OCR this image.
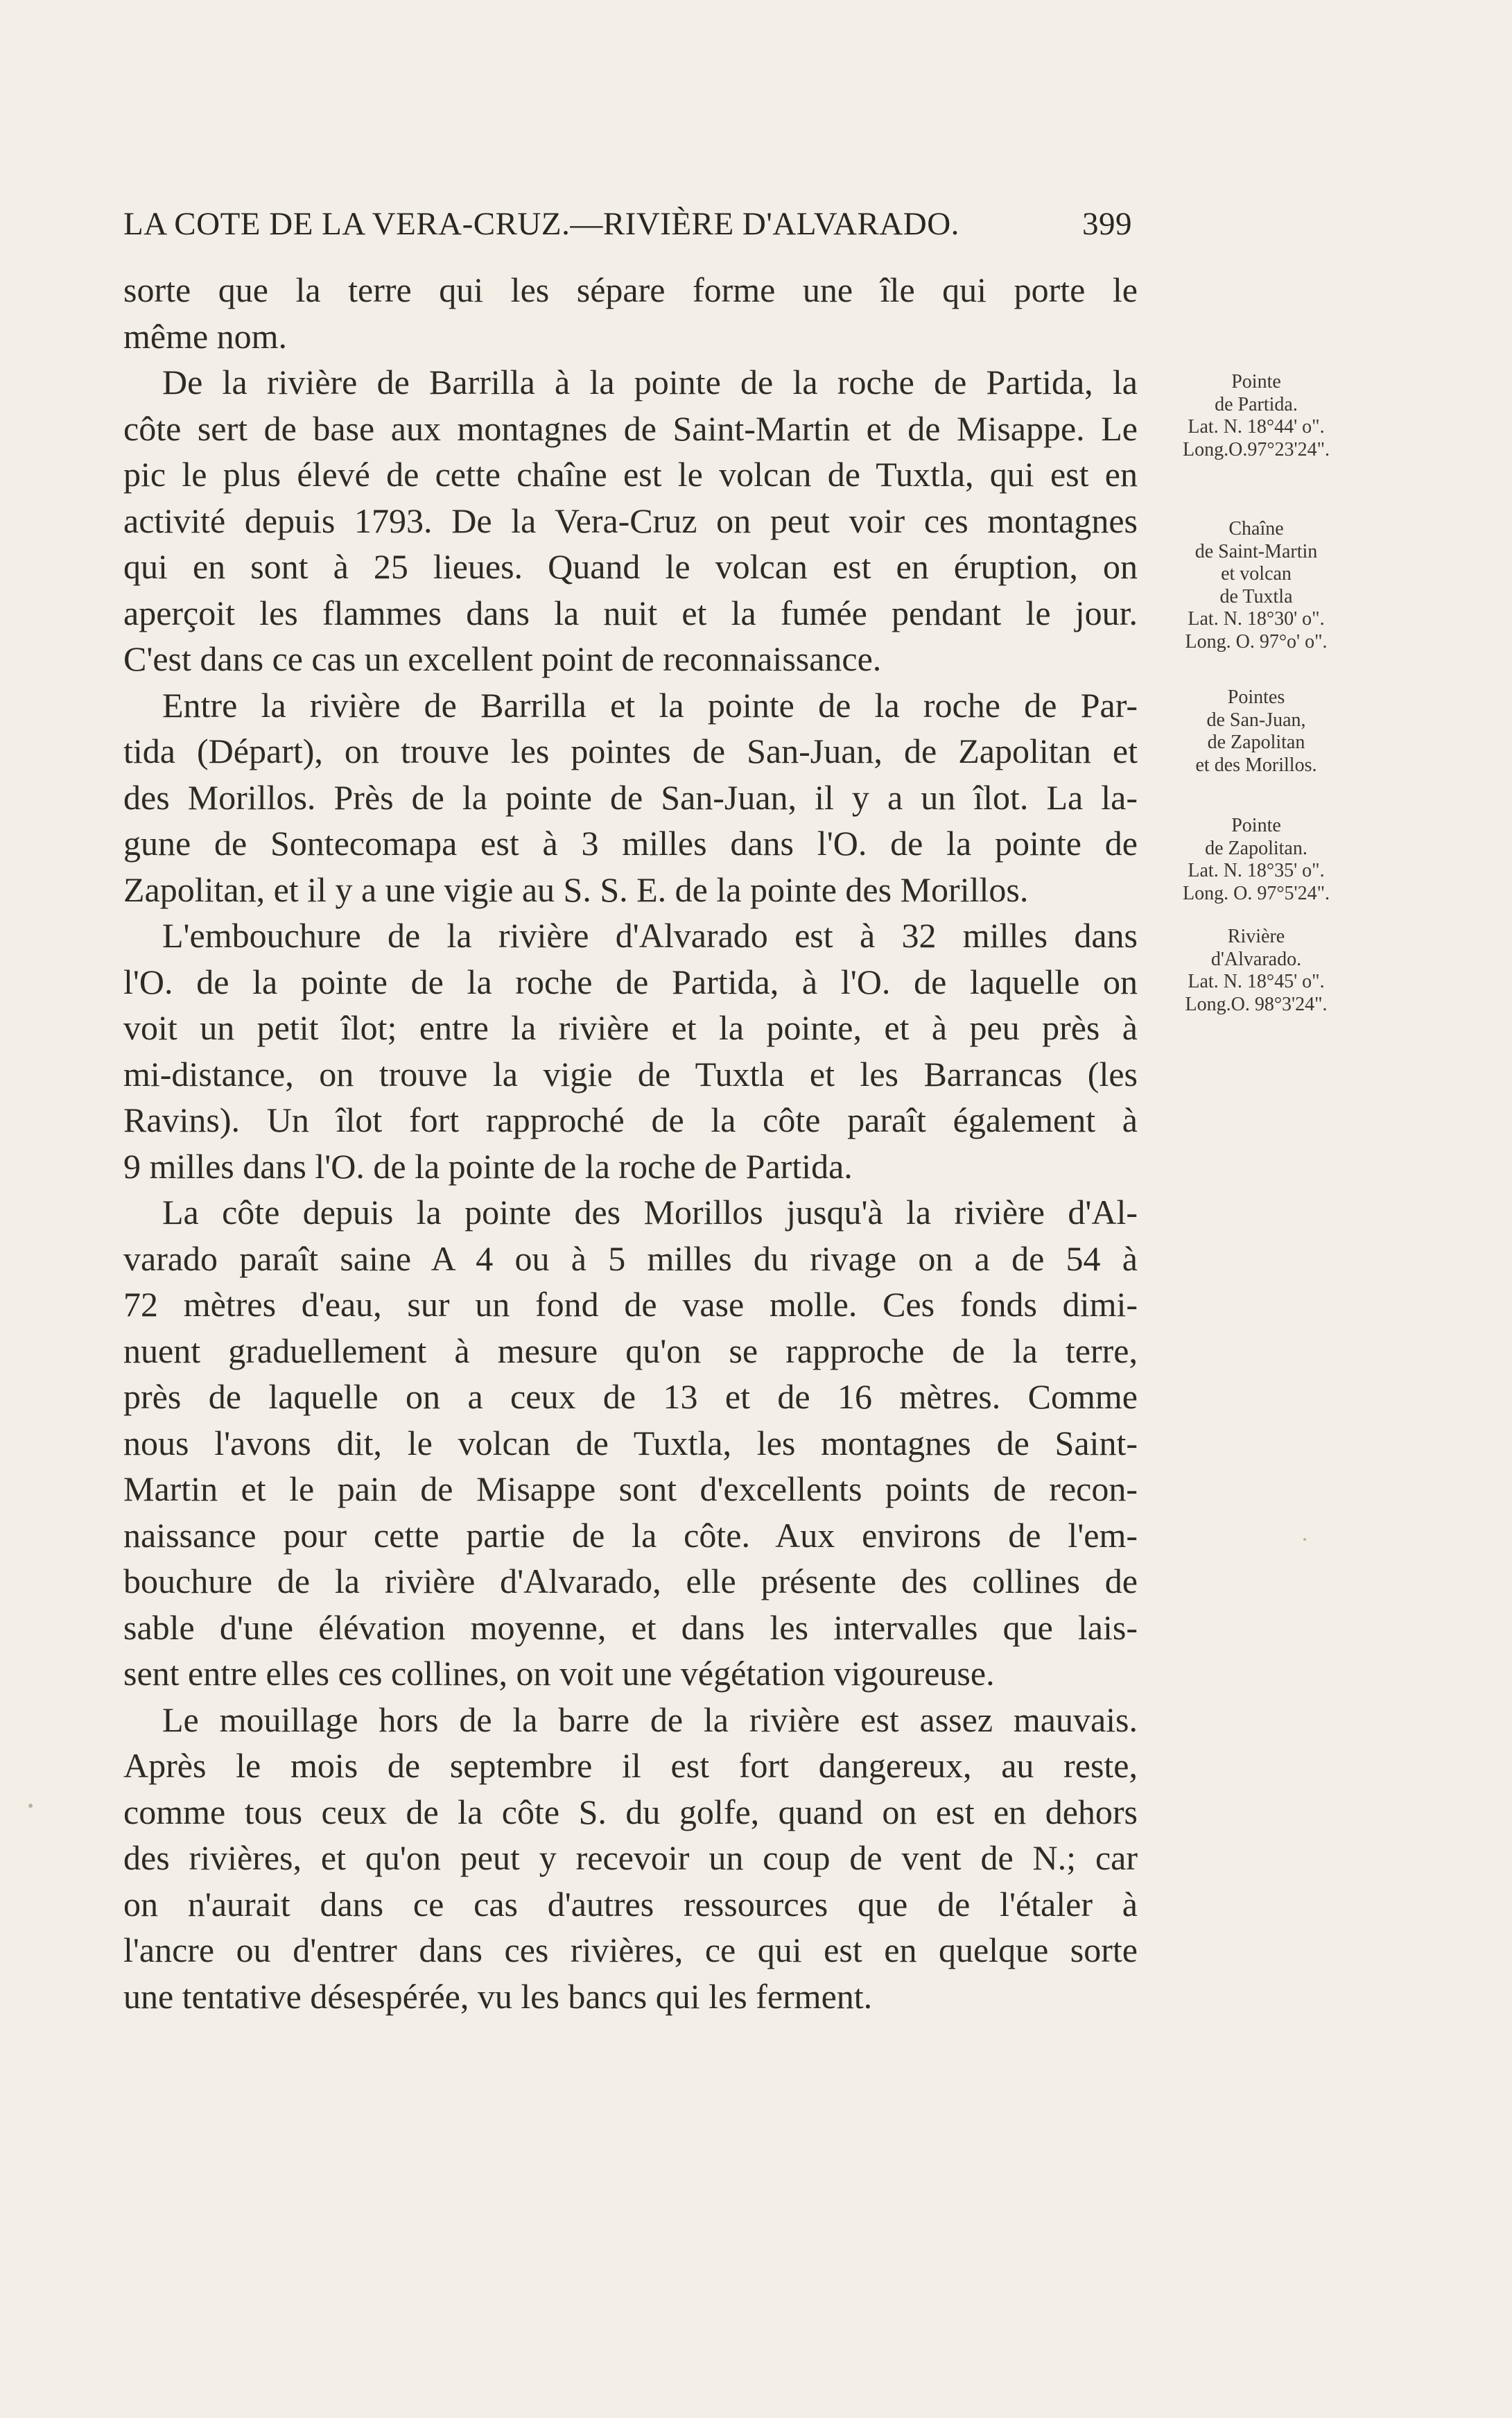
LA COTE DE LA VERA-CRUZ.—RIVIÈRE D'ALVARADO.	399

sorte que la terre qui les sépare forme une île qui porte le
même nom.

De la rivière de Barrilla à la pointe de la roche de Partida, la
côte sert de base aux montagnes de Saint-Martin et de Misappe. Le
pic le plus élevé de cette chaîne est le volcan de Tuxtla, qui est en
activité depuis 1793. De la Vera-Cruz on peut voir ces montagnes
qui en sont à 25 lieues. Quand le volcan est en éruption, on
aperçoit les flammes dans la nuit et la fumée pendant le jour.
C'est dans ce cas un excellent point de reconnaissance.

Entre la rivière de Barrilla et la pointe de la roche de Par-
tida (Départ), on trouve les pointes de San-Juan, de Zapolitan et
des Morillos. Près de la pointe de San-Juan, il y a un îlot. La la-
gune de Sontecomapa est à 3 milles dans l'O. de la pointe de
Zapolitan, et il y a une vigie au S. S. E. de la pointe des Morillos.

L'embouchure de la rivière d'Alvarado est à 32 milles dans
l'O. de la pointe de la roche de Partida, à l'O. de laquelle on
voit un petit îlot; entre la rivière et la pointe, et à peu près à
mi-distance, on trouve la vigie de Tuxtla et les Barrancas (les
Ravins). Un îlot fort rapproché de la côte paraît également à
9 milles dans l'O. de la pointe de la roche de Partida.

La côte depuis la pointe des Morillos jusqu'à la rivière d'Al-
varado paraît saine A 4 ou à 5 milles du rivage on a de 54 à
72 mètres d'eau, sur un fond de vase molle. Ces fonds dimi-
nuent graduellement à mesure qu'on se rapproche de la terre,
près de laquelle on a ceux de 13 et de 16 mètres. Comme
nous l'avons dit, le volcan de Tuxtla, les montagnes de Saint-
Martin et le pain de Misappe sont d'excellents points de recon-
naissance pour cette partie de la côte. Aux environs de l'em-
bouchure de la rivière d'Alvarado, elle présente des collines de
sable d'une élévation moyenne, et dans les intervalles que lais-
sent entre elles ces collines, on voit une végétation vigoureuse.

Le mouillage hors de la barre de la rivière est assez mauvais.
Après le mois de septembre il est fort dangereux, au reste,
comme tous ceux de la côte S. du golfe, quand on est en dehors
des rivières, et qu'on peut y recevoir un coup de vent de N.; car
on n'aurait dans ce cas d'autres ressources que de l'étaler à
l'ancre ou d'entrer dans ces rivières, ce qui est en quelque sorte
une tentative désespérée, vu les bancs qui les ferment.

Pointe
de Partida.
Lat. N. 18°44' o".
Long.O.97°23'24".
Chaîne
de Saint-Martin
et volcan
de Tuxtla
Lat. N. 18°30' o".
Long. O. 97°o' o".
Pointes
de San-Juan,
de Zapolitan
et des Morillos.
Pointe
de Zapolitan.
Lat. N. 18°35' o".
Long. O. 97°5'24".
Rivière
d'Alvarado.
Lat. N. 18°45' o".
Long.O. 98°3'24".
